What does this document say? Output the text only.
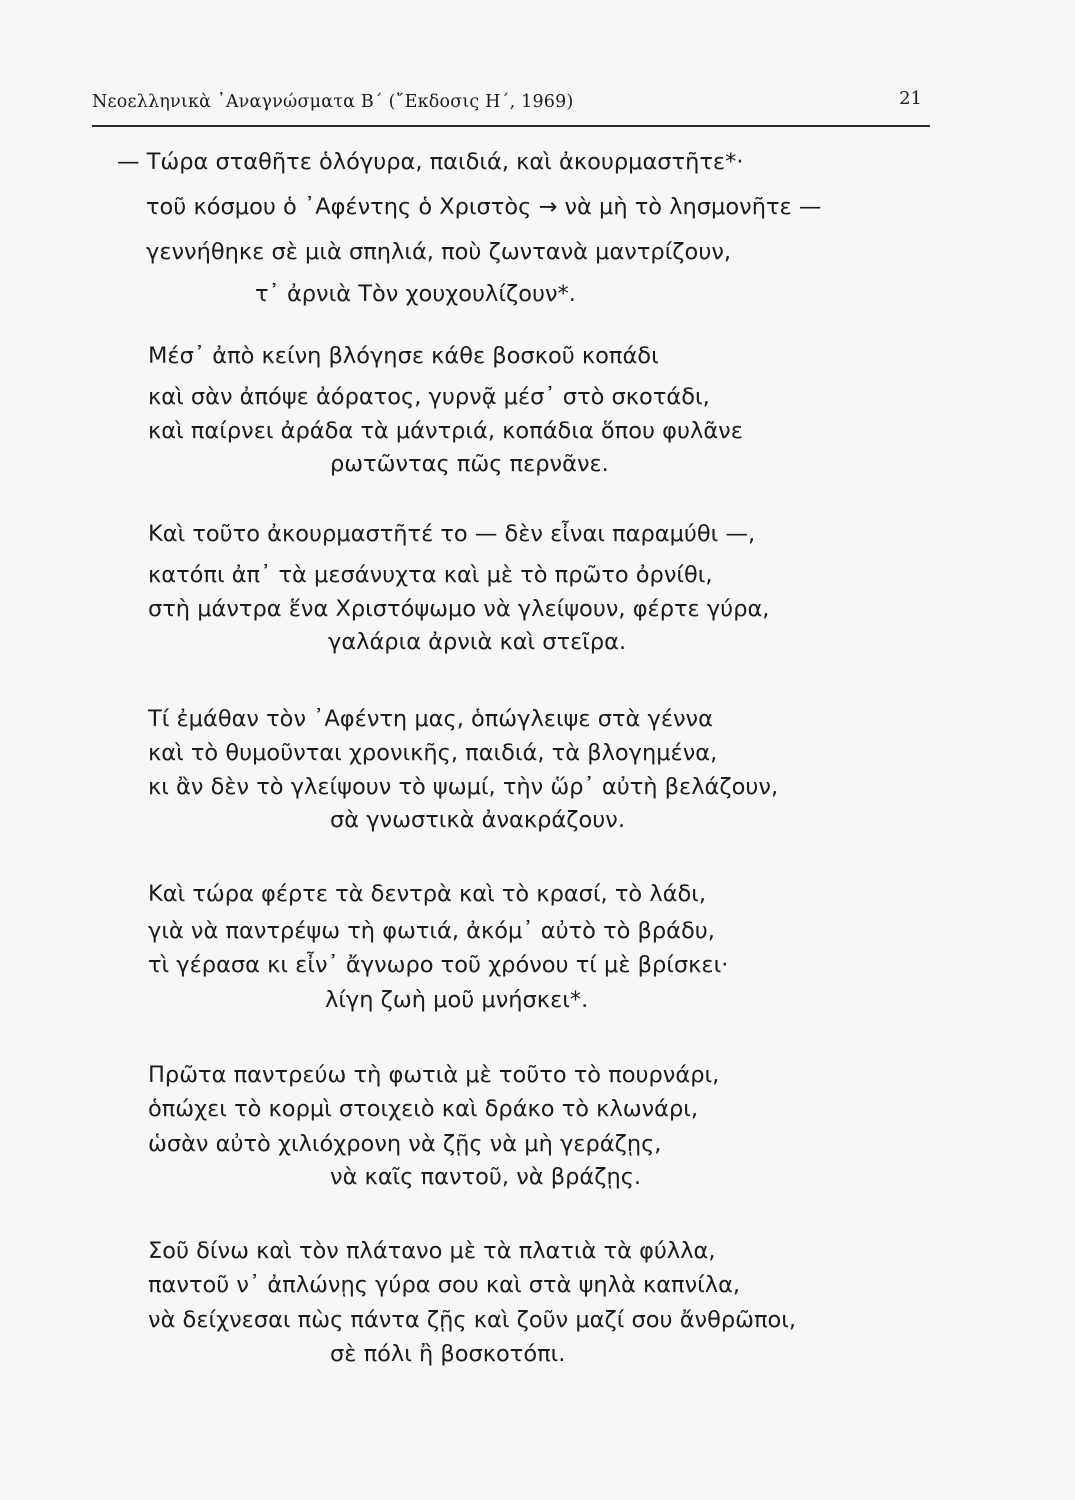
Νεοελληνικὰ ᾿Αναγνώσματα Β΄ (῎Εκδοσις Η΄, 1969)	21
— Τώρα σταθῆτε ὁλόγυρα, παιδιά, καὶ ἀκουρμαστῆτε*·
τοῦ κόσμου ὁ ᾿Αφέντης ὁ Χριστὸς → νὰ μὴ τὸ λησμονῆτε —
γεννήθηκε σὲ μιὰ σπηλιά, ποὺ ζωντανὰ μαντρίζουν,
τ᾿ ἀρνιὰ Τὸν χουχουλίζουν*.
Μέσ᾿ ἀπὸ κείνη βλόγησε κάθε βοσκοῦ κοπάδι
καὶ σὰν ἀπόψε ἀόρατος, γυρνᾷ μέσ᾿ στὸ σκοτάδι,
καὶ παίρνει ἀράδα τὰ μάντριά, κοπάδια ὅπου φυλᾶνε
ρωτῶντας πῶς περνᾶνε.
Καὶ τοῦτο ἀκουρμαστῆτέ το — δὲν εἶναι παραμύθι —,
κατόπι ἀπ᾿ τὰ μεσάνυχτα καὶ μὲ τὸ πρῶτο ὀρνίθι,
στὴ μάντρα ἕνα Χριστόψωμο νὰ γλείψουν, φέρτε γύρα,
γαλάρια ἀρνιὰ καὶ στεῖρα.
Τί ἐμάθαν τὸν ᾿Αφέντη μας, ὁπώγλειψε στὰ γέννα
καὶ τὸ θυμοῦνται χρονικῆς, παιδιά, τὰ βλογημένα,
κι ἂν δὲν τὸ γλείψουν τὸ ψωμί, τὴν ὥρ᾿ αὐτὴ βελάζουν,
σὰ γνωστικὰ ἀνακράζουν.
Καὶ τώρα φέρτε τὰ δεντρὰ καὶ τὸ κρασί, τὸ λάδι,
γιὰ νὰ παντρέψω τὴ φωτιά, ἀκόμ᾿ αὐτὸ τὸ βράδυ,
τὶ γέρασα κι εἶν᾿ ἄγνωρο τοῦ χρόνου τί μὲ βρίσκει·
λίγη ζωὴ μοῦ μνήσκει*.
Πρῶτα παντρεύω τὴ φωτιὰ μὲ τοῦτο τὸ πουρνάρι,
ὁπώχει τὸ κορμὶ στοιχειὸ καὶ δράκο τὸ κλωνάρι,
ὡσὰν αὐτὸ χιλιόχρονη νὰ ζῇς νὰ μὴ γεράζῃς,
νὰ καῖς παντοῦ, νὰ βράζῃς.
Σοῦ δίνω καὶ τὸν πλάτανο μὲ τὰ πλατιὰ τὰ φύλλα,
παντοῦ ν᾿ ἀπλώνῃς γύρα σου καὶ στὰ ψηλὰ καπνίλα,
νὰ δείχνεσαι πὼς πάντα ζῇς καὶ ζοῦν μαζί σου ἄνθρῶποι,
σὲ πόλι ἢ βοσκοτόπι.
